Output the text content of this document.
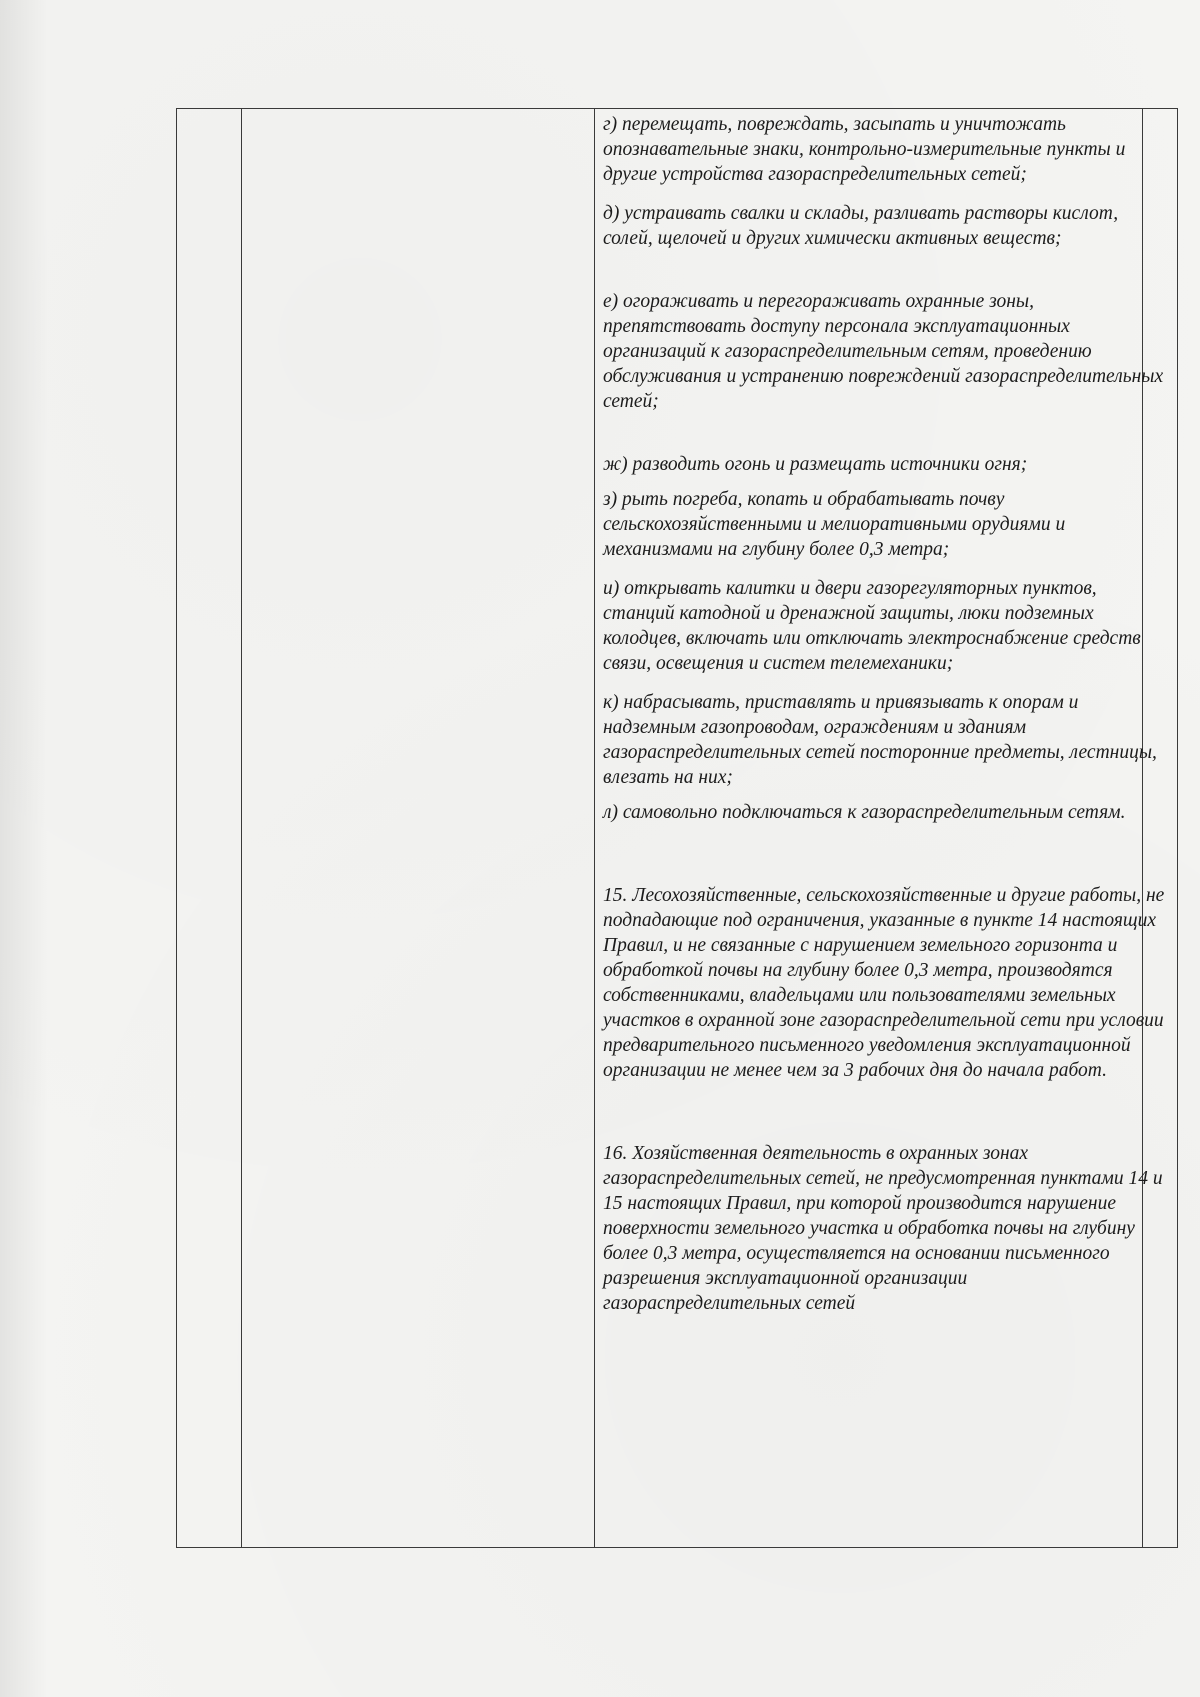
г) перемещать, повреждать, засыпать и уничтожать опознавательные знаки, контрольно-измерительные пункты и другие устройства газораспределительных сетей;

д) устраивать свалки и склады, разливать растворы кислот, солей, щелочей и других химически активных веществ;

е) огораживать и перегораживать охранные зоны, препятствовать доступу персонала эксплуатационных организаций к газораспределительным сетям, проведению обслуживания и устранению повреждений газораспределительных сетей;

ж) разводить огонь и размещать источники огня;

з) рыть погреба, копать и обрабатывать почву сельскохозяйственными и мелиоративными орудиями и механизмами на глубину более 0,3 метра;

и) открывать калитки и двери газорегуляторных пунктов, станций катодной и дренажной защиты, люки подземных колодцев, включать или отключать электроснабжение средств связи, освещения и систем телемеханики;

к) набрасывать, приставлять и привязывать к опорам и надземным газопроводам, ограждениям и зданиям газораспределительных сетей посторонние предметы, лестницы, влезать на них;

л) самовольно подключаться к газораспределительным сетям.

15. Лесохозяйственные, сельскохозяйственные и другие работы, не подпадающие под ограничения, указанные в пункте 14 настоящих Правил, и не связанные с нарушением земельного горизонта и обработкой почвы на глубину более 0,3 метра, производятся собственниками, владельцами или пользователями земельных участков в охранной зоне газораспределительной сети при условии предварительного письменного уведомления эксплуатационной организации не менее чем за 3 рабочих дня до начала работ.

16. Хозяйственная деятельность в охранных зонах газораспределительных сетей, не предусмотренная пунктами 14 и 15 настоящих Правил, при которой производится нарушение поверхности земельного участка и обработка почвы на глубину более 0,3 метра, осуществляется на основании письменного разрешения эксплуатационной организации газораспределительных сетей
